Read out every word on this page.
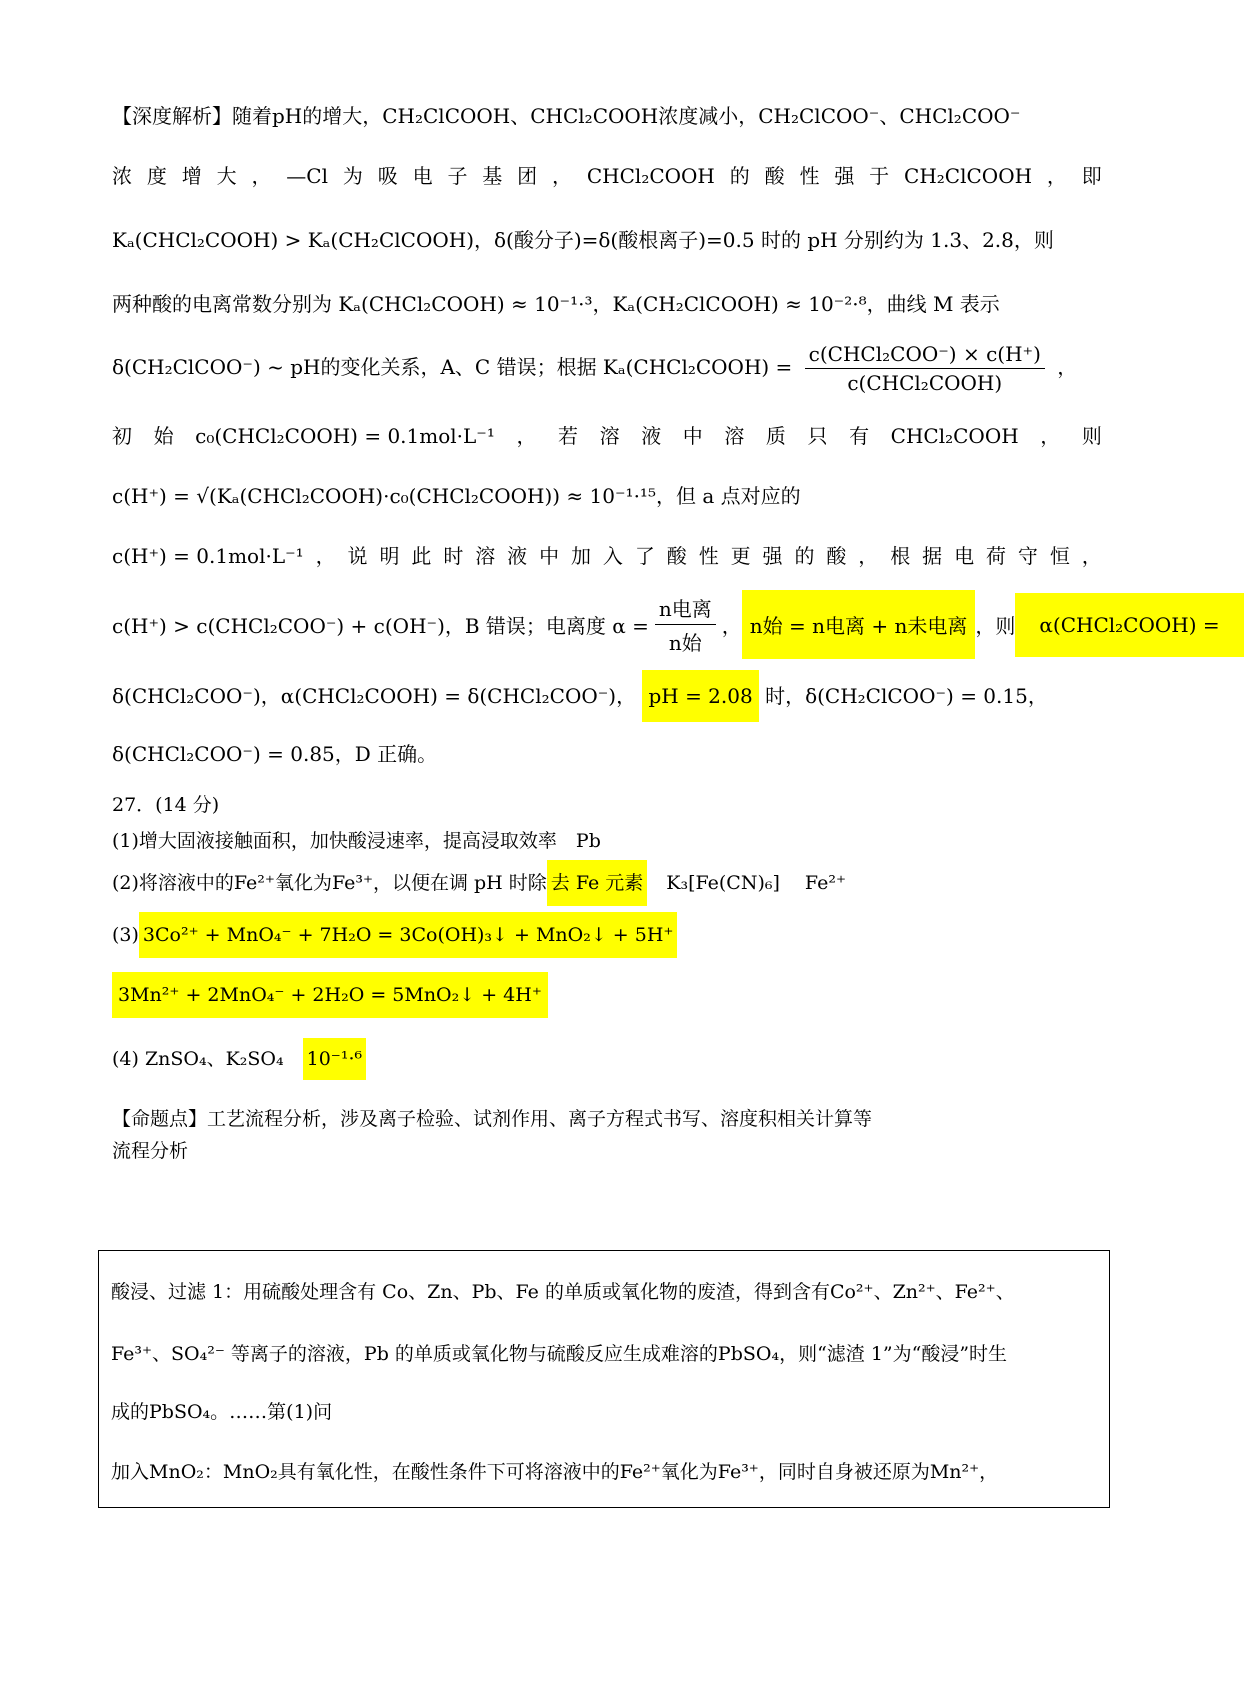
【深度解析】随着pH的增大，CH₂ClCOOH、CHCl₂COOH浓度减小，CH₂ClCOO⁻、CHCl₂COO⁻
浓 度 增 大 ， —Cl 为 吸 电 子 基 团 ， CHCl₂COOH 的 酸 性 强 于 CH₂ClCOOH ， 即
Kₐ(CHCl₂COOH) > Kₐ(CH₂ClCOOH)，δ(酸分子)=δ(酸根离子)=0.5 时的 pH 分别约为 1.3、2.8，则
两种酸的电离常数分别为 Kₐ(CHCl₂COOH) ≈ 10⁻¹·³，Kₐ(CH₂ClCOOH) ≈ 10⁻²·⁸，曲线 M 表示
δ(CH₂ClCOO⁻) ~ pH的变化关系，A、C 错误；根据 Kₐ(CHCl₂COOH) = $\frac{\text{c(CHCl₂COO⁻) × c(H⁺)}}{\text{c(CHCl₂COOH)}}$ ，
初 始 c₀(CHCl₂COOH) = 0.1mol·L⁻¹ ， 若 溶 液 中 溶 质 只 有 CHCl₂COOH ， 则
c(H⁺) = √(Kₐ(CHCl₂COOH)·c₀(CHCl₂COOH)) ≈ 10⁻¹·¹⁵，但 a 点对应的
c(H⁺) = 0.1mol·L⁻¹ ， 说 明 此 时 溶 液 中 加 入 了 酸 性 更 强 的 酸 ， 根 据 电 荷 守 恒 ，
c(H⁺) > c(CHCl₂COO⁻) + c(OH⁻)，B 错误；电离度 $\alpha = \frac{\text{n电离}}{\text{n始}}$ ， n始 = n电离 + n未电离 ，则	α(CHCl₂COOH) =
δ(CHCl₂COO⁻)，α(CHCl₂COOH) = δ(CHCl₂COO⁻)， pH = 2.08 时，δ(CH₂ClCOO⁻) = 0.15，
δ(CHCl₂COO⁻) = 0.85，D 正确。
27．(14 分)
(1)增大固液接触面积，加快酸浸速率，提高浸取效率　Pb
(2)将溶液中的Fe²⁺氧化为Fe³⁺，以便在调 pH 时除 去 Fe 元素　K₃[Fe(CN)₆]　 Fe²⁺
(3) 3Co²⁺ + MnO₄⁻ + 7H₂O = 3Co(OH)₃↓ + MnO₂↓ + 5H⁺
3Mn²⁺ + 2MnO₄⁻ + 2H₂O = 5MnO₂↓ + 4H⁺
(4) ZnSO₄、K₂SO₄　10⁻¹·⁶
【命题点】工艺流程分析，涉及离子检验、试剂作用、离子方程式书写、溶度积相关计算等
流程分析
酸浸、过滤 1：用硫酸处理含有 Co、Zn、Pb、Fe 的单质或氧化物的废渣，得到含有Co²⁺、Zn²⁺、Fe²⁺、
Fe³⁺、SO₄²⁻ 等离子的溶液，Pb 的单质或氧化物与硫酸反应生成难溶的PbSO₄，则“滤渣 1”为“酸浸”时生
成的PbSO₄。……第(1)问
加入MnO₂：MnO₂具有氧化性，在酸性条件下可将溶液中的Fe²⁺氧化为Fe³⁺，同时自身被还原为Mn²⁺，
